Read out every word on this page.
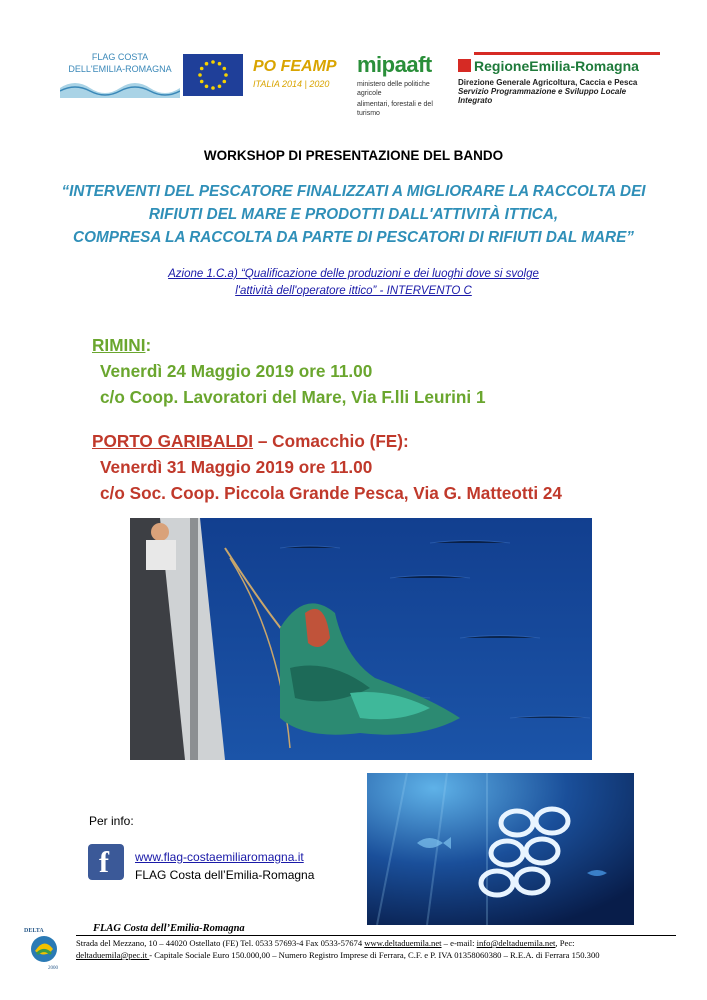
FLAG COSTA
DELL'EMILIA-ROMAGNA	PO FEAMP
ITALIA 2014 | 2020
mipaaft
ministero delle politiche agricole
alimentari, forestali e del turismo
RegioneEmilia-Romagna
Direzione Generale Agricoltura, Caccia e Pesca
Servizio Programmazione e Sviluppo Locale Integrato
WORKSHOP DI PRESENTAZIONE DEL BANDO
“INTERVENTI DEL PESCATORE FINALIZZATI A MIGLIORARE LA RACCOLTA DEI
RIFIUTI DEL MARE E PRODOTTI DALL'ATTIVITÀ ITTICA,
COMPRESA LA RACCOLTA DA PARTE DI PESCATORI DI RIFIUTI DAL MARE”
Azione 1.C.a) “Qualificazione delle produzioni e dei luoghi dove si svolge
l'attività dell'operatore ittico” - INTERVENTO C
RIMINI:
Venerdì 24 Maggio 2019 ore 11.00
c/o Coop. Lavoratori del Mare, Via F.lli Leurini 1
PORTO GARIBALDI – Comacchio (FE):
Venerdì 31 Maggio 2019 ore 11.00
c/o Soc. Coop. Piccola Grande Pesca, Via G. Matteotti 24
Per info:
f www.flag-costaemiliaromagna.it
FLAG Costa dell’Emilia-Romagna
DELTA
2000
FLAG Costa dell’Emilia-Romagna
Strada del Mezzano, 10 – 44020 Ostellato (FE) Tel. 0533 57693-4 Fax 0533-57674 www.deltaduemila.net – e-mail: info@deltaduemila.net, Pec:
deltaduemila@pec.it - Capitale Sociale Euro 150.000,00 – Numero Registro Imprese di Ferrara, C.F. e P. IVA 01358060380 – R.E.A. di Ferrara 150.300
